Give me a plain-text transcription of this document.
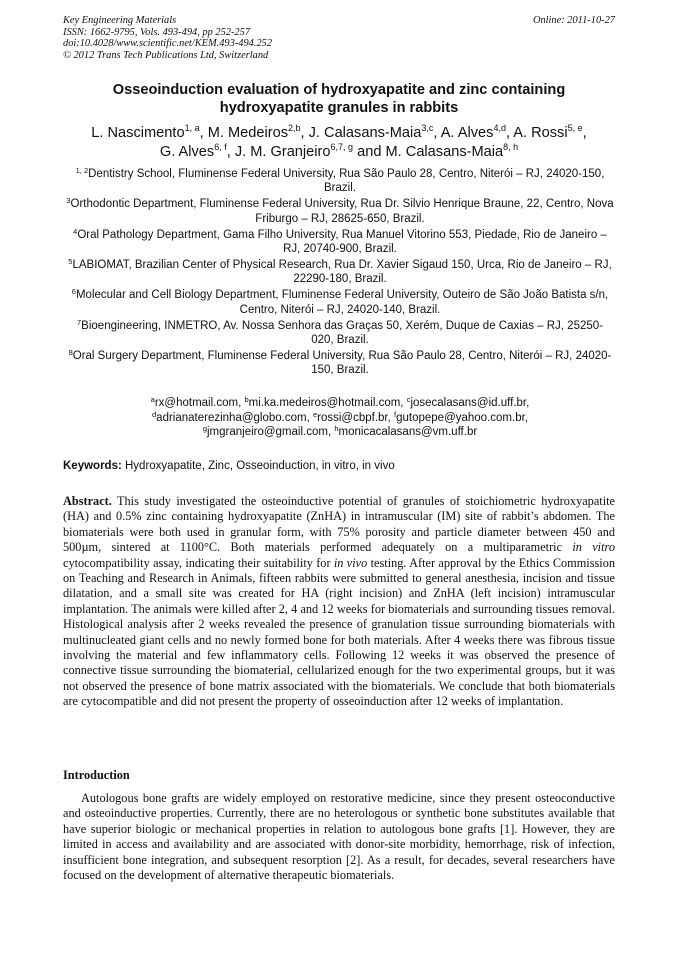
Key Engineering Materials	Online: 2011-10-27
ISSN: 1662-9795, Vols. 493-494, pp 252-257
doi:10.4028/www.scientific.net/KEM.493-494.252
© 2012 Trans Tech Publications Ltd, Switzerland
Osseoinduction evaluation of hydroxyapatite and zinc containing
hydroxyapatite granules in rabbits
L. Nascimento$^{1, a}$, M. Medeiros$^{2,b}$, J. Calasans-Maia$^{3,c}$, A. Alves$^{4,d}$, A. Rossi$^{5, e}$,
G. Alves$^{6, f}$, J. M. Granjeiro$^{6,7, g}$ and M. Calasans-Maia$^{8, h}$
$^{1, 2}$Dentistry School, Fluminense Federal University, Rua São Paulo 28, Centro, Niterói – RJ, 24020-150, Brazil.
$^3$Orthodontic Department, Fluminense Federal University, Rua Dr. Silvio Henrique Braune, 22, Centro, Nova Friburgo – RJ, 28625-650, Brazil.
$^4$Oral Pathology Department, Gama Filho University, Rua Manuel Vitorino 553, Piedade, Rio de Janeiro – RJ, 20740-900, Brazil.
$^5$LABIOMAT, Brazilian Center of Physical Research, Rua Dr. Xavier Sigaud 150, Urca, Rio de Janeiro – RJ, 22290-180, Brazil.
$^6$Molecular and Cell Biology Department, Fluminense Federal University, Outeiro de São João Batista s/n, Centro, Niterói – RJ, 24020-140, Brazil.
$^7$Bioengineering, INMETRO, Av. Nossa Senhora das Graças 50, Xerém, Duque de Caxias – RJ, 25250-020, Brazil.
$^8$Oral Surgery Department, Fluminense Federal University, Rua São Paulo 28, Centro, Niterói – RJ, 24020-150, Brazil.
$^a$rx@hotmail.com, $^b$mi.ka.medeiros@hotmail.com, $^c$josecalasans@id.uff.br,
$^d$adrianaterezinha@globo.com, $^e$rossi@cbpf.br, $^f$gutopepe@yahoo.com.br,
$^g$jmgranjeiro@gmail.com, $^h$monicacalasans@vm.uff.br
Keywords: Hydroxyapatite, Zinc, Osseoinduction, in vitro, in vivo
Abstract. This study investigated the osteoinductive potential of granules of stoichiometric hydroxyapatite (HA) and 0.5% zinc containing hydroxyapatite (ZnHA) in intramuscular (IM) site of rabbit’s abdomen. The biomaterials were both used in granular form, with 75% porosity and particle diameter between 450 and 500µm, sintered at 1100°C. Both materials performed adequately on a multiparametric in vitro cytocompatibility assay, indicating their suitability for in vivo testing. After approval by the Ethics Commission on Teaching and Research in Animals, fifteen rabbits were submitted to general anesthesia, incision and tissue dilatation, and a small site was created for HA (right incision) and ZnHA (left incision) intramuscular implantation. The animals were killed after 2, 4 and 12 weeks for biomaterials and surrounding tissues removal. Histological analysis after 2 weeks revealed the presence of granulation tissue surrounding biomaterials with multinucleated giant cells and no newly formed bone for both materials. After 4 weeks there was fibrous tissue involving the material and few inflammatory cells. Following 12 weeks it was observed the presence of connective tissue surrounding the biomaterial, cellularized enough for the two experimental groups, but it was not observed the presence of bone matrix associated with the biomaterials. We conclude that both biomaterials are cytocompatible and did not present the property of osseoinduction after 12 weeks of implantation.
Introduction
Autologous bone grafts are widely employed on restorative medicine, since they present osteoconductive and osteoinductive properties. Currently, there are no heterologous or synthetic bone substitutes available that have superior biologic or mechanical properties in relation to autologous bone grafts [1]. However, they are limited in access and availability and are associated with donor-site morbidity, hemorrhage, risk of infection, insufficient bone integration, and subsequent resorption [2]. As a result, for decades, several researchers have focused on the development of alternative therapeutic biomaterials.
